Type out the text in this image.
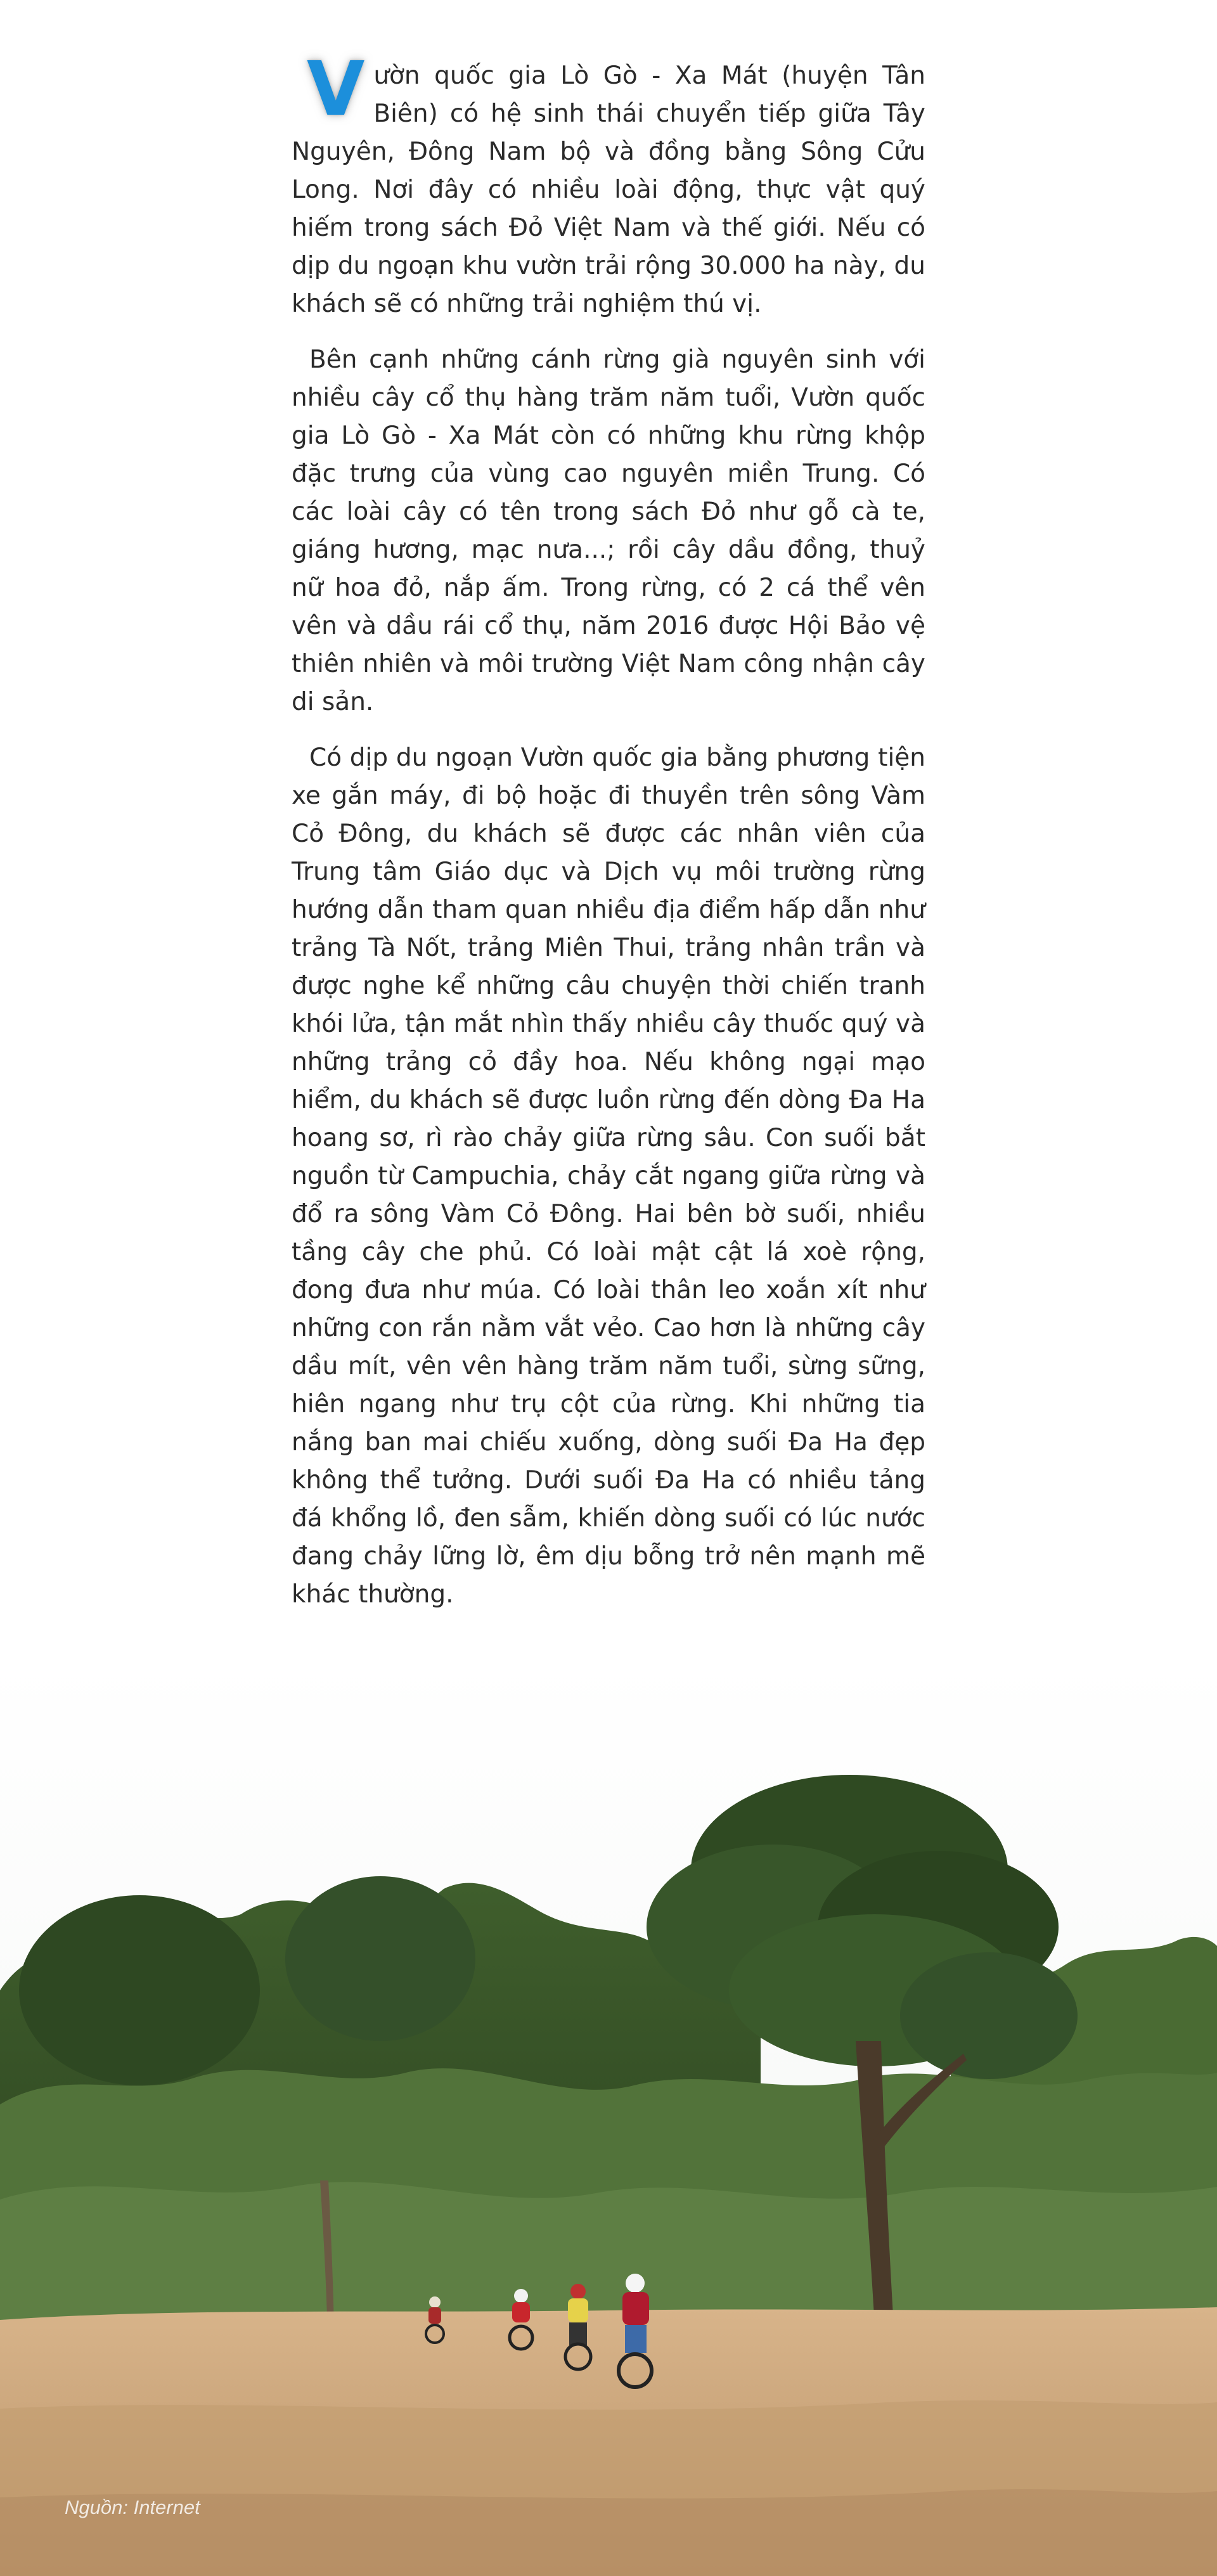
Vườn quốc gia Lò Gò - Xa Mát (huyện Tân Biên) có hệ sinh thái chuyển tiếp giữa Tây Nguyên, Đông Nam bộ và đồng bằng Sông Cửu Long. Nơi đây có nhiều loài động, thực vật quý hiếm trong sách Đỏ Việt Nam và thế giới. Nếu có dịp du ngoạn khu vườn trải rộng 30.000 ha này, du khách sẽ có những trải nghiệm thú vị.

Bên cạnh những cánh rừng già nguyên sinh với nhiều cây cổ thụ hàng trăm năm tuổi, Vườn quốc gia Lò Gò - Xa Mát còn có những khu rừng khộp đặc trưng của vùng cao nguyên miền Trung. Có các loài cây có tên trong sách Đỏ như gỗ cà te, giáng hương, mạc nưa...; rồi cây dầu đồng, thuỷ nữ hoa đỏ, nắp ấm. Trong rừng, có 2 cá thể vên vên và dầu rái cổ thụ, năm 2016 được Hội Bảo vệ thiên nhiên và môi trường Việt Nam công nhận cây di sản.

Có dịp du ngoạn Vườn quốc gia bằng phương tiện xe gắn máy, đi bộ hoặc đi thuyền trên sông Vàm Cỏ Đông, du khách sẽ được các nhân viên của Trung tâm Giáo dục và Dịch vụ môi trường rừng hướng dẫn tham quan nhiều địa điểm hấp dẫn như trảng Tà Nốt, trảng Miên Thui, trảng nhân trần và được nghe kể những câu chuyện thời chiến tranh khói lửa, tận mắt nhìn thấy nhiều cây thuốc quý và những trảng cỏ đầy hoa. Nếu không ngại mạo hiểm, du khách sẽ được luồn rừng đến dòng Đa Ha hoang sơ, rì rào chảy giữa rừng sâu. Con suối bắt nguồn từ Campuchia, chảy cắt ngang giữa rừng và đổ ra sông Vàm Cỏ Đông. Hai bên bờ suối, nhiều tầng cây che phủ. Có loài mật cật lá xoè rộng, đong đưa như múa. Có loài thân leo xoắn xít như những con rắn nằm vắt vẻo. Cao hơn là những cây dầu mít, vên vên hàng trăm năm tuổi, sừng sững, hiên ngang như trụ cột của rừng. Khi những tia nắng ban mai chiếu xuống, dòng suối Đa Ha đẹp không thể tưởng. Dưới suối Đa Ha có nhiều tảng đá khổng lồ, đen sẫm, khiến dòng suối có lúc nước đang chảy lững lờ, êm dịu bỗng trở nên mạnh mẽ khác thường.

Nguồn: Internet
